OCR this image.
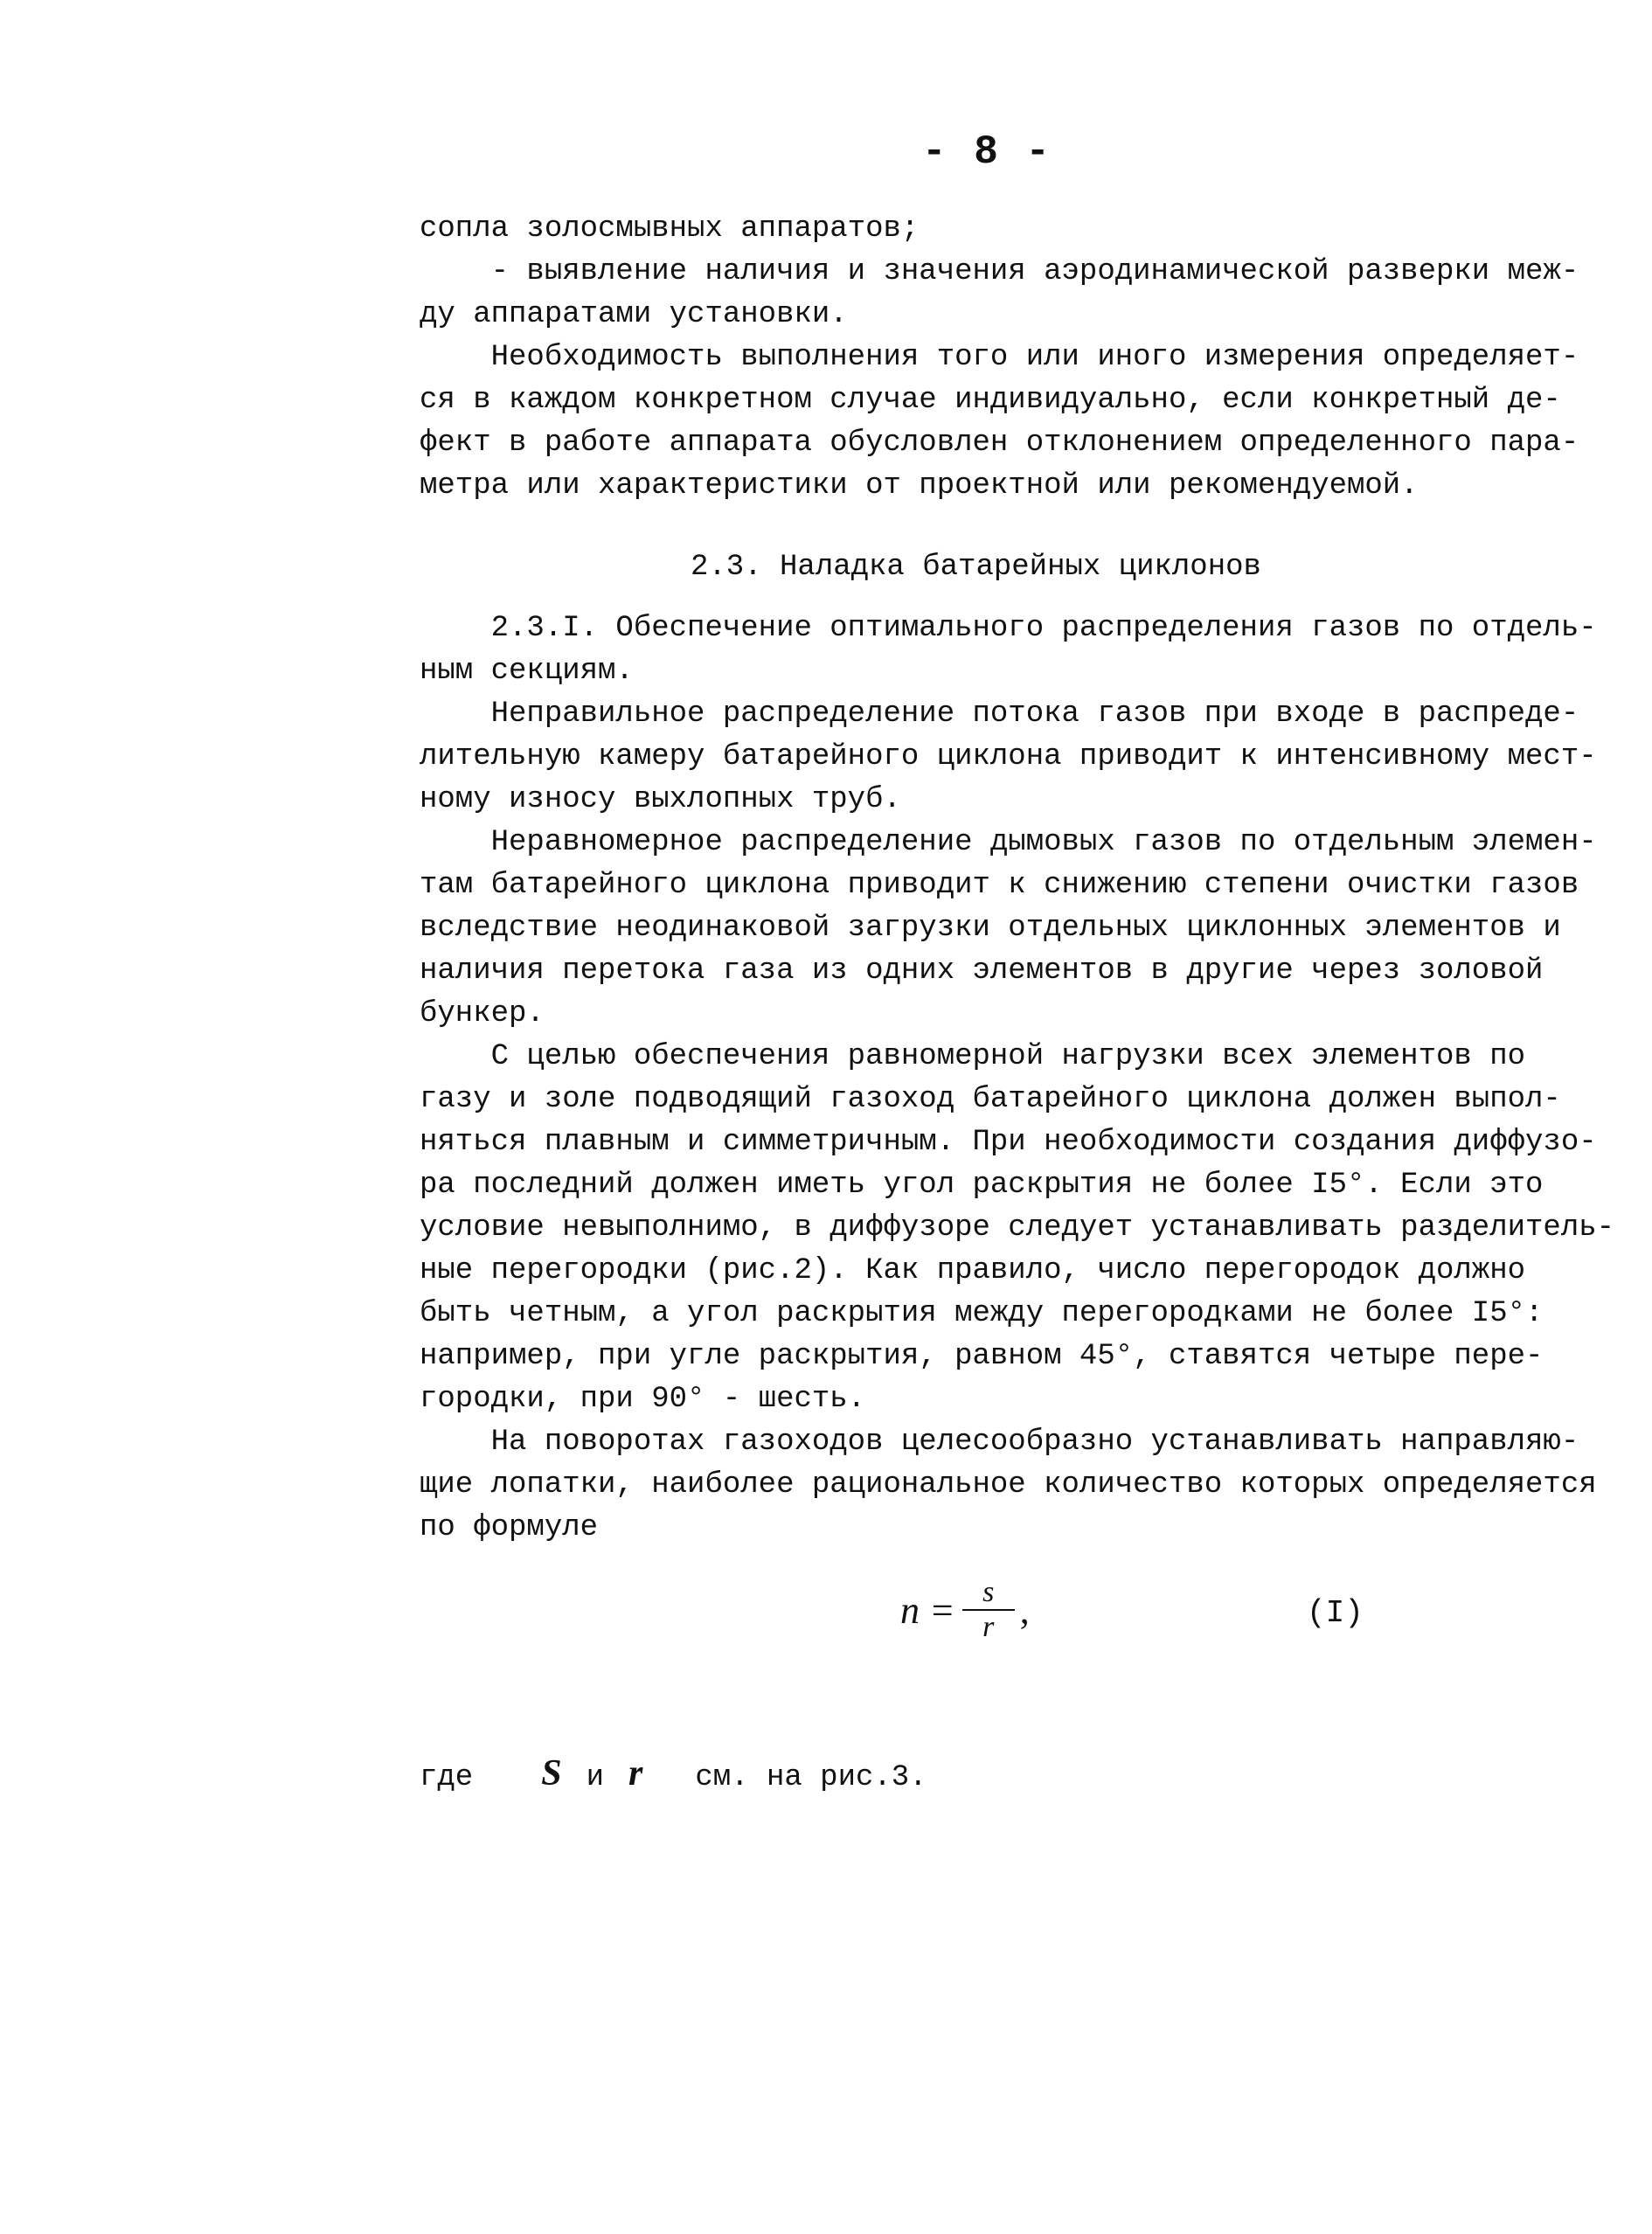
- 8 -
сопла золосмывных аппаратов;
- выявление наличия и значения аэродинамической разверки меж-
ду аппаратами установки.
Необходимость выполнения того или иного измерения определяет-
ся в каждом конкретном случае индивидуально, если конкретный де-
фект в работе аппарата обусловлен отклонением определенного пара-
метра или характеристики от проектной или рекомендуемой.
2.3. Наладка батарейных циклонов
2.3.I. Обеспечение оптимального распределения газов по отдель-
ным секциям.
Неправильное распределение потока газов при входе в распреде-
лительную камеру батарейного циклона приводит к интенсивному мест-
ному износу выхлопных труб.
Неравномерное распределение дымовых газов по отдельным элемен-
там батарейного циклона приводит к снижению степени очистки газов
вследствие неодинаковой загрузки отдельных циклонных элементов и
наличия перетока газа из одних элементов в другие через золовой
бункер.
С целью обеспечения равномерной нагрузки всех элементов по
газу и золе подводящий газоход батарейного циклона должен выпол-
няться плавным и симметричным. При необходимости создания диффузо-
ра последний должен иметь угол раскрытия не более I5°. Если это
условие невыполнимо, в диффузоре следует устанавливать разделитель-
ные перегородки (рис.2). Как правило, число перегородок должно
быть четным, а угол раскрытия между перегородками не более I5°:
например, при угле раскрытия, равном 45°, ставятся четыре пере-
городки, при 90° - шесть.
На поворотах газоходов целесообразно устанавливать направляю-
щие лопатки, наиболее рациональное количество которых определяется
по формуле
$n = \frac{s}{r}$ ,	(I)
где S и r см. на рис.3.
